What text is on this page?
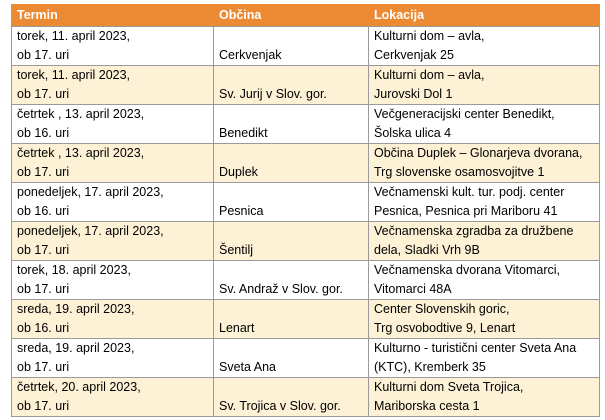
Termin	Občina	Lokacija

torek, 11. april 2023,
ob 17. uri	Cerkvenjak	Kulturni dom – avla,
Cerkvenjak 25

torek, 11. april 2023,
ob 17. uri	Sv. Jurij v Slov. gor.	Kulturni dom – avla,
Jurovski Dol 1

četrtek , 13. april 2023,
ob 16. uri	Benedikt	Večgeneracijski center Benedikt,
Šolska ulica 4

četrtek , 13. april 2023,
ob 17. uri	Duplek	Občina Duplek – Glonarjeva dvorana,
Trg slovenske osamosvojitve 1

ponedeljek, 17. april 2023,
ob 16. uri	Pesnica	Večnamenski kult. tur. podj. center
Pesnica, Pesnica pri Mariboru 41

ponedeljek, 17. april 2023,
ob 17. uri	Šentilj	Večnamenska zgradba za družbene
dela, Sladki Vrh 9B

torek, 18. april 2023,
ob 17. uri	Sv. Andraž v Slov. gor.	Večnamenska dvorana Vitomarci,
Vitomarci 48A

sreda, 19. april 2023,
ob 16. uri	Lenart	Center Slovenskih goric,
Trg osvobodtive 9, Lenart

sreda, 19. april 2023,
ob 17. uri	Sveta Ana	Kulturno - turistični center Sveta Ana
(KTC), Kremberk 35

četrtek, 20. april 2023,
ob 17. uri	Sv. Trojica v Slov. gor.	Kulturni dom Sveta Trojica,
Mariborska cesta 1
